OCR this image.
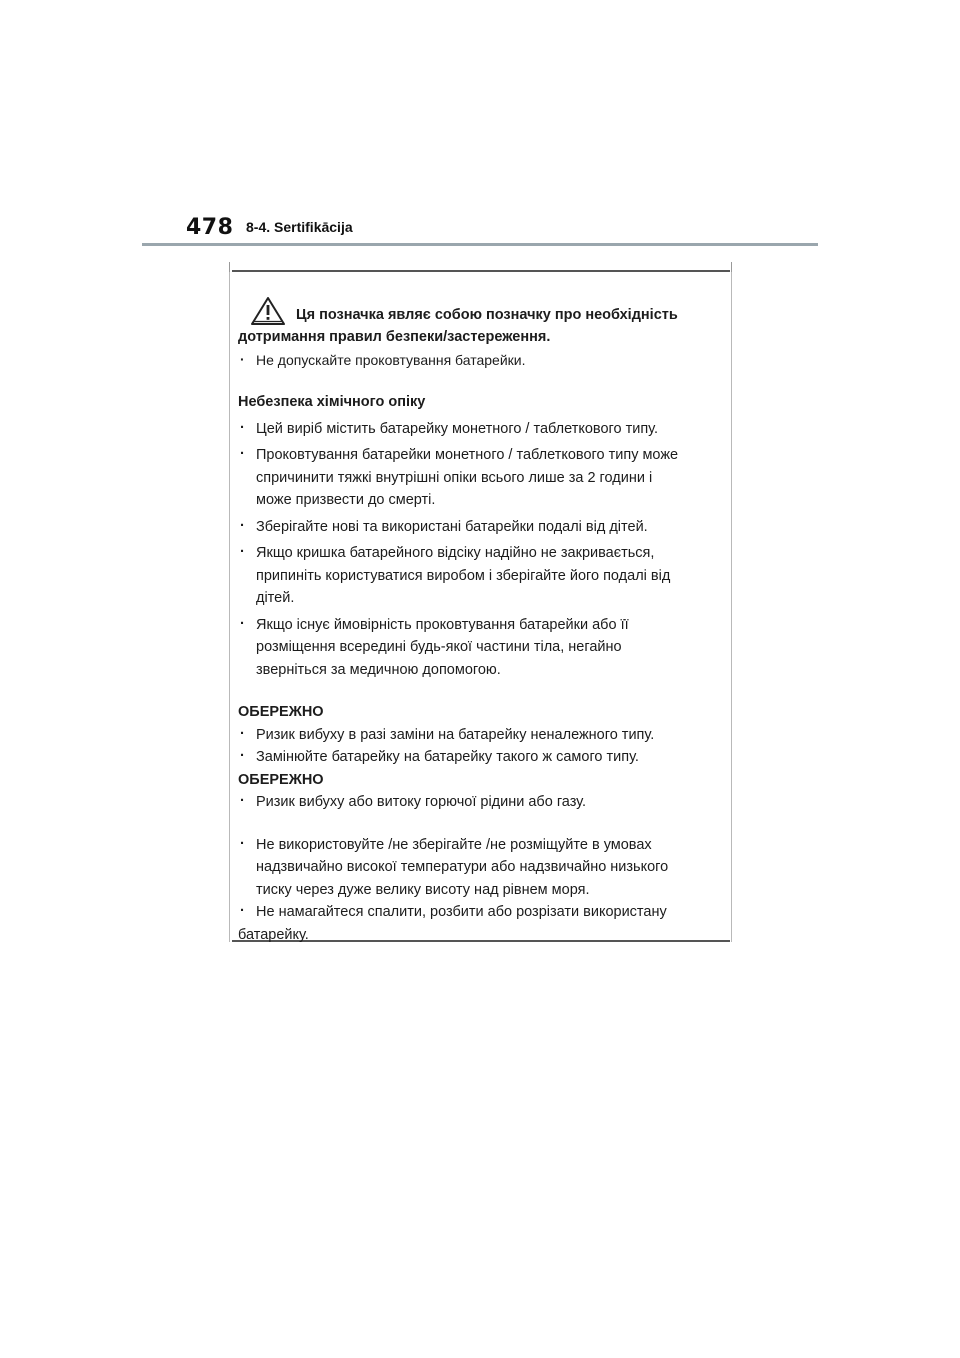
478 8-4. Sertifikācija
Ця позначка являє собою позначку про необхідність
дотримання правил безпеки/застереження.
· Не допускайте проковтування батарейки.
Небезпека хімічного опіку
· Цей виріб містить батарейку монетного / таблеткового типу.
· Проковтування батарейки монетного / таблеткового типу може
спричинити тяжкі внутрішні опіки всього лише за 2 години і
може призвести до смерті.
· Зберігайте нові та використані батарейки подалі від дітей.
· Якщо кришка батарейного відсіку надійно не закривається,
припиніть користуватися виробом і зберігайте його подалі від
дітей.
· Якщо існує ймовірність проковтування батарейки або її
розміщення всередині будь-якої частини тіла, негайно
зверніться за медичною допомогою.
ОБЕРЕЖНО
· Ризик вибуху в разі заміни на батарейку неналежного типу.
· Замінюйте батарейку на батарейку такого ж самого типу.
ОБЕРЕЖНО
· Ризик вибуху або витоку горючої рідини або газу.
· Не використовуйте /не зберігайте /не розміщуйте в умовах
надзвичайно високої температури або надзвичайно низького
тиску через дуже велику висоту над рівнем моря.
· Не намагайтеся спалити, розбити або розрізати використану
батарейку.
